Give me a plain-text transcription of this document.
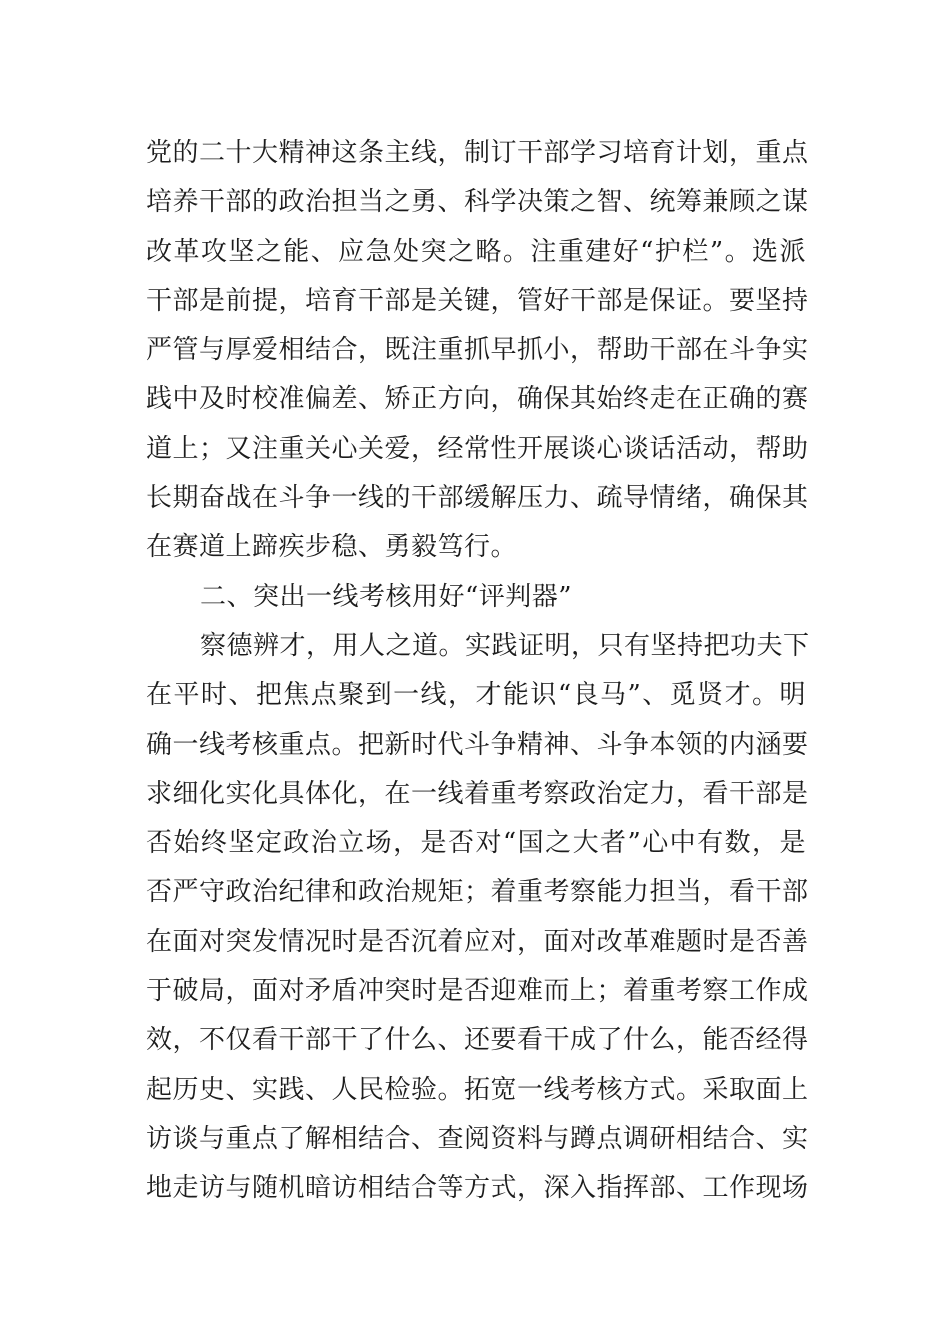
党的二十大精神这条主线，制订干部学习培育计划，重点
培养干部的政治担当之勇、科学决策之智、统筹兼顾之谋
改革攻坚之能、应急处突之略。注重建好“护栏”。选派
干部是前提，培育干部是关键，管好干部是保证。要坚持
严管与厚爱相结合，既注重抓早抓小，帮助干部在斗争实
践中及时校准偏差、矫正方向，确保其始终走在正确的赛
道上；又注重关心关爱，经常性开展谈心谈话活动，帮助
长期奋战在斗争一线的干部缓解压力、疏导情绪，确保其
在赛道上蹄疾步稳、勇毅笃行。
二、突出一线考核用好“评判器”
察德辨才，用人之道。实践证明，只有坚持把功夫下
在平时、把焦点聚到一线，才能识“良马”、觅贤才。明
确一线考核重点。把新时代斗争精神、斗争本领的内涵要
求细化实化具体化，在一线着重考察政治定力，看干部是
否始终坚定政治立场，是否对“国之大者”心中有数，是
否严守政治纪律和政治规矩；着重考察能力担当，看干部
在面对突发情况时是否沉着应对，面对改革难题时是否善
于破局，面对矛盾冲突时是否迎难而上；着重考察工作成
效，不仅看干部干了什么、还要看干成了什么，能否经得
起历史、实践、人民检验。拓宽一线考核方式。采取面上
访谈与重点了解相结合、查阅资料与蹲点调研相结合、实
地走访与随机暗访相结合等方式，深入指挥部、工作现场
